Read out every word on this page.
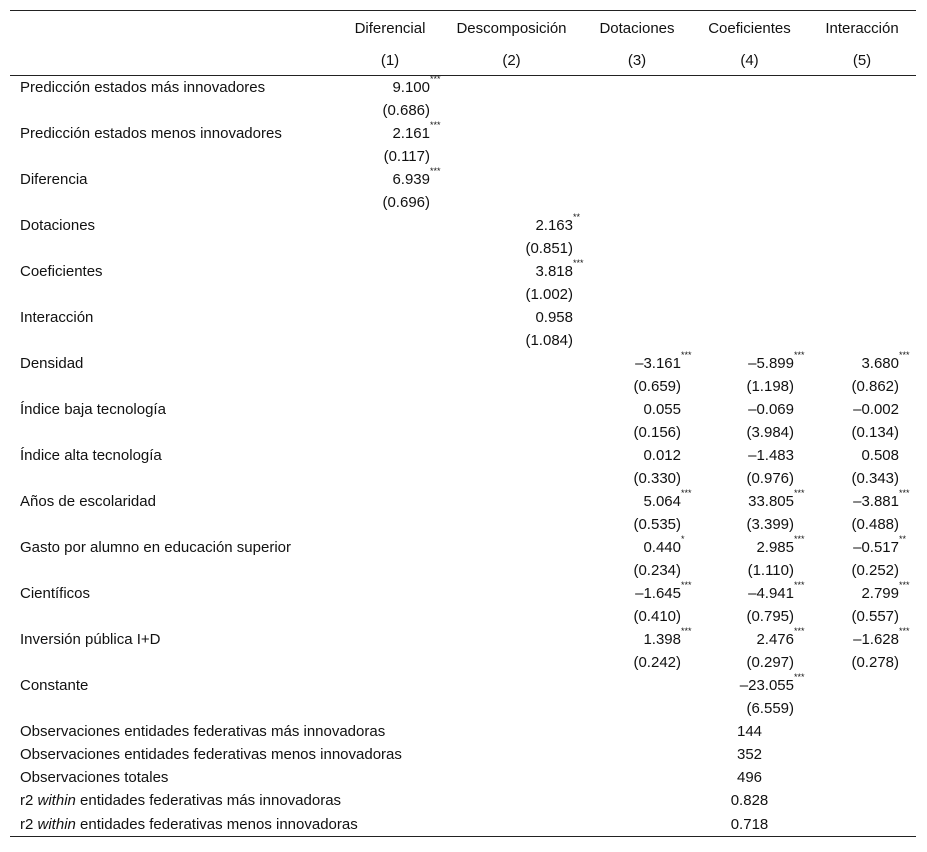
	Diferencial	Descomposición	Dotaciones	Coeficientes	Interacción
	(1)	(2)	(3)	(4)	(5)
Predicción estados más innovadores	9.100 ***				

	(0.686)				
Predicción estados menos innovadores	2.161 ***				

	(0.117)				
Diferencia	6.939 ***				

	(0.696)				
Dotaciones		2.163 **			

		(0.851)			
Coeficientes		3.818 ***			

		(1.002)			
Interacción		0.958			
		(1.084)			
Densidad			–3.161 ***	–5.899 ***	3.680 ***

			(0.659)	(1.198)	(0.862)
Índice baja tecnología			0.055	–0.069	–0.002
			(0.156)	(3.984)	(0.134)
Índice alta tecnología			0.012	–1.483	0.508
			(0.330)	(0.976)	(0.343)
Años de escolaridad			5.064 ***	33.805 ***	–3.881 ***

			(0.535)	(3.399)	(0.488)
Gasto por alumno en educación superior			0.440 *	2.985 ***	–0.517 **

			(0.234)	(1.110)	(0.252)
Científicos			–1.645 ***	–4.941 ***	2.799 ***

			(0.410)	(0.795)	(0.557)
Inversión pública I+D			1.398 ***	2.476 ***	–1.628 ***

			(0.242)	(0.297)	(0.278)
Constante				–23.055 ***	

				(6.559)	
Observaciones entidades federativas más innovadoras				144	
Observaciones entidades federativas menos innovadoras				352	
Observaciones totales				496	
r2 within entidades federativas más innovadoras				0.828	
r2 within entidades federativas menos innovadoras				0.718	
